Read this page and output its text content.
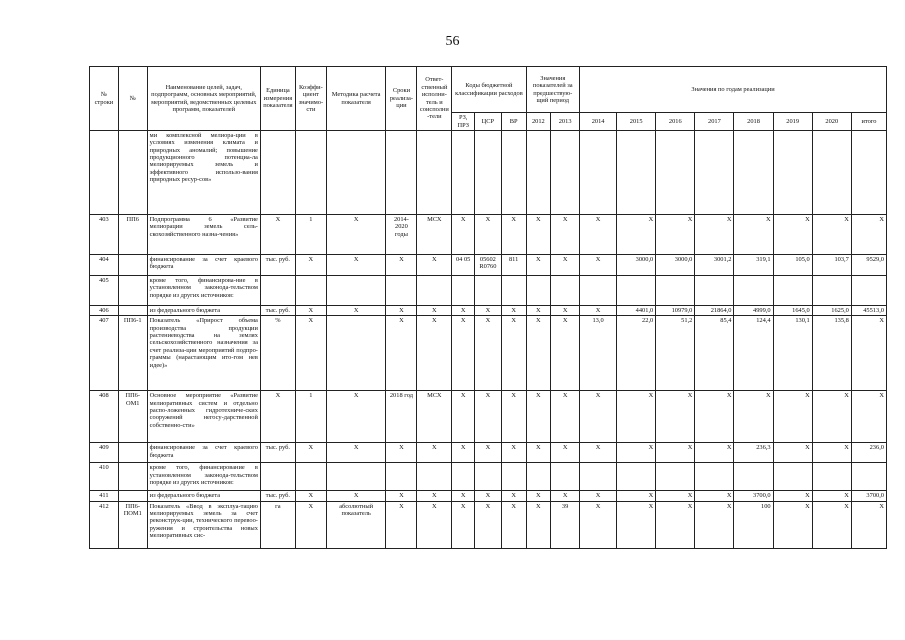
56
№ строки	№	Наименование целей, задач, подпрограмм, основных мероприятий, мероприятий, ведомственных целевых программ, показателей	Единица измерения показателя	Коэффи-циент значимо-сти	Методика расчета показателя	Сроки реализа-ции	Ответ-ственный исполни-тель и соисполни-тели	Коды бюджетной классификации расходов			Значения показателей за предшествую-щий период		Значения по годам реализации							
								РЗ, ПРЗ	ЦСР	ВР	2012	2013	2014	2015	2016	2017	2018	2019	2020	итого
		ми комплексной мелиора-ции в условиях изменения климата и природных аномалий; повышение продукционного потенциа-ла мелиорируемых земель и эффективного использо-вания природных ресур-сов»																		
403	ПП6	Подпрограмма 6 «Развитие мелиорации земель сель-скохозяйственного назна-чения»	Х	1	Х	2014-2020 годы	МСХ	Х	Х	Х	Х	Х	Х	Х	Х	Х	Х	Х	Х	Х
404		финансирование за счет краевого бюджета	тыс. руб.	Х	Х	Х	Х	04 05	05602 R0760	811	Х	Х	Х	3000,0	3000,0	3001,2	319,1	105,0	103,7	9529,0
405		кроме того, финансирова-ние в установленном законода-тельством порядке из других источников:																		
406		из федерального бюджета	тыс. руб.	Х	Х	Х	Х	Х	Х	Х	Х	Х	Х	4401,0	10979,0	21864,0	4999,0	1645,0	1625,0	45513,0
407	ПП6-1	Показатель «Прирост объема производства продукции растениеводства на землях сельскохозяйственного назначения за счет реализа-ции мероприятий подпро-граммы (нарастающим ито-гом нев идее)»	%	Х		Х	Х	Х	Х	Х	Х	Х	13,0	22,0	51,2	85,4	124,4	130,1	135,8	Х
408	ПП6-ОМ1	Основное мероприятие «Развитие мелиоративных систем и отдельно распо-ложенных гидротехниче-ских сооружений негосу-дарственной собственно-сти»	Х	1	Х	2018 год	МСХ	Х	Х	Х	Х	Х	Х	Х	Х	Х	Х	Х	Х	Х
409		финансирование за счет краевого бюджета	тыс. руб.	Х	Х	Х	Х	Х	Х	Х	Х	Х	Х	Х	Х	Х	236,3	Х	Х	236,0
410		кроме того, финансирование в установленном законода-тельством порядке из других источников:																		
411		из федерального бюджета	тыс. руб.	Х	Х	Х	Х	Х	Х	Х	Х	Х	Х	Х	Х	Х	3700,0	Х	Х	3700,0
412	ПП6-ПОМ1	Показатель «Ввод в эксплуа-тацию мелиорируемых земель за счет реконструк-ции, технического перевоо-ружения и строительства новых мелиоративных сис-	га	Х	абсолютный показатель	Х	Х	Х	Х	Х	Х	39	Х	Х	Х	Х	100	Х	Х	Х
